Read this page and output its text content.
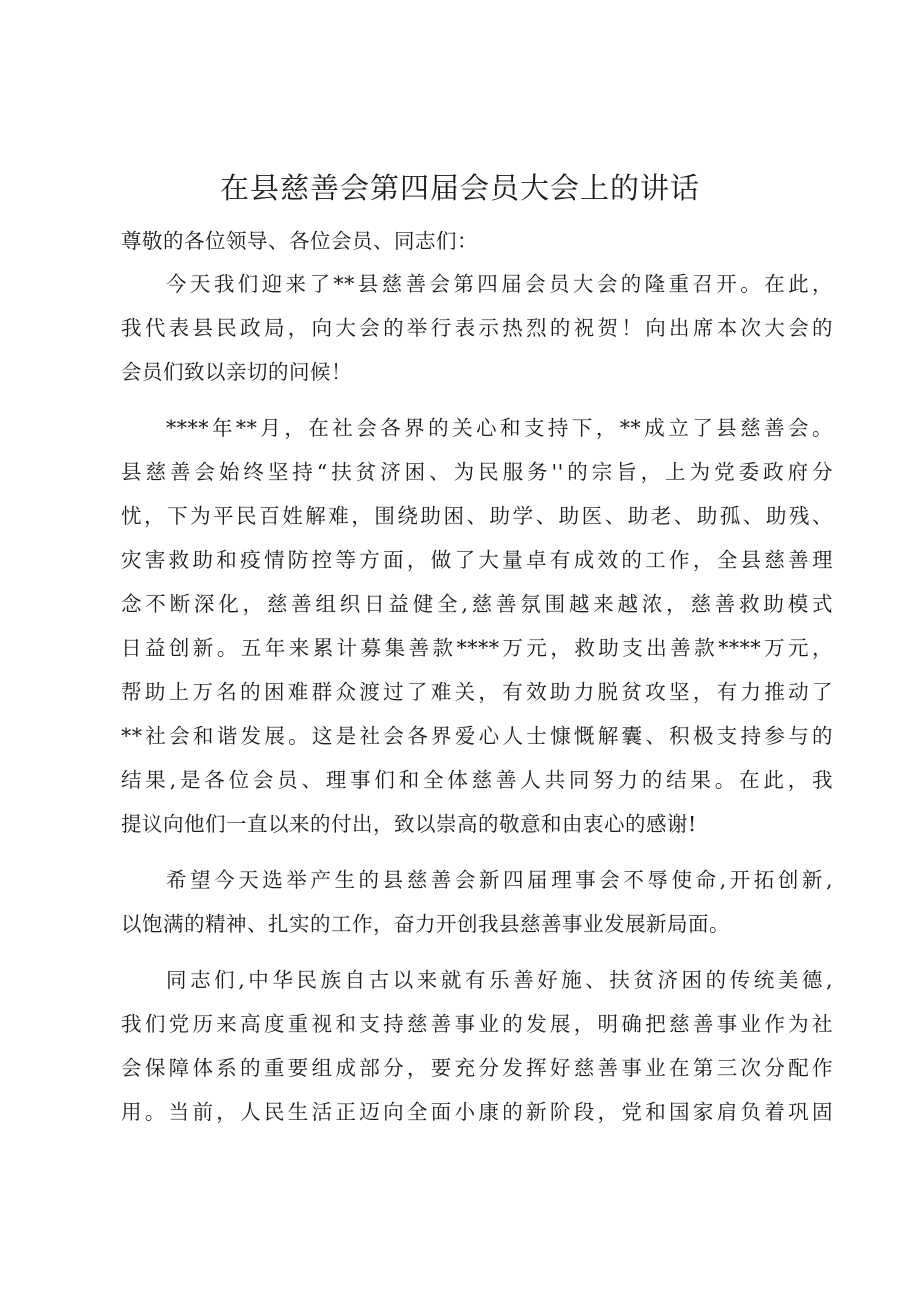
在县慈善会第四届会员大会上的讲话

尊敬的各位领导、各位会员、同志们：

今天我们迎来了**县慈善会第四届会员大会的隆重召开。在此，
我代表县民政局，向大会的举行表示热烈的祝贺！向出席本次大会的
会员们致以亲切的问候！

****年**月，在社会各界的关心和支持下，**成立了县慈善会。
县慈善会始终坚持“扶贫济困、为民服务''的宗旨，上为党委政府分
忧，下为平民百姓解难，围绕助困、助学、助医、助老、助孤、助残、
灾害救助和疫情防控等方面，做了大量卓有成效的工作，全县慈善理
念不断深化，慈善组织日益健全,慈善氛围越来越浓，慈善救助模式
日益创新。五年来累计募集善款****万元，救助支出善款****万元，
帮助上万名的困难群众渡过了难关，有效助力脱贫攻坚，有力推动了
**社会和谐发展。这是社会各界爱心人士慷慨解囊、积极支持参与的
结果,是各位会员、理事们和全体慈善人共同努力的结果。在此，我
提议向他们一直以来的付出，致以崇高的敬意和由衷心的感谢!

希望今天选举产生的县慈善会新四届理事会不辱使命,开拓创新,
以饱满的精神、扎实的工作，奋力开创我县慈善事业发展新局面。

同志们,中华民族自古以来就有乐善好施、扶贫济困的传统美德,
我们党历来高度重视和支持慈善事业的发展，明确把慈善事业作为社
会保障体系的重要组成部分，要充分发挥好慈善事业在第三次分配作
用。当前，人民生活正迈向全面小康的新阶段，党和国家肩负着巩固
